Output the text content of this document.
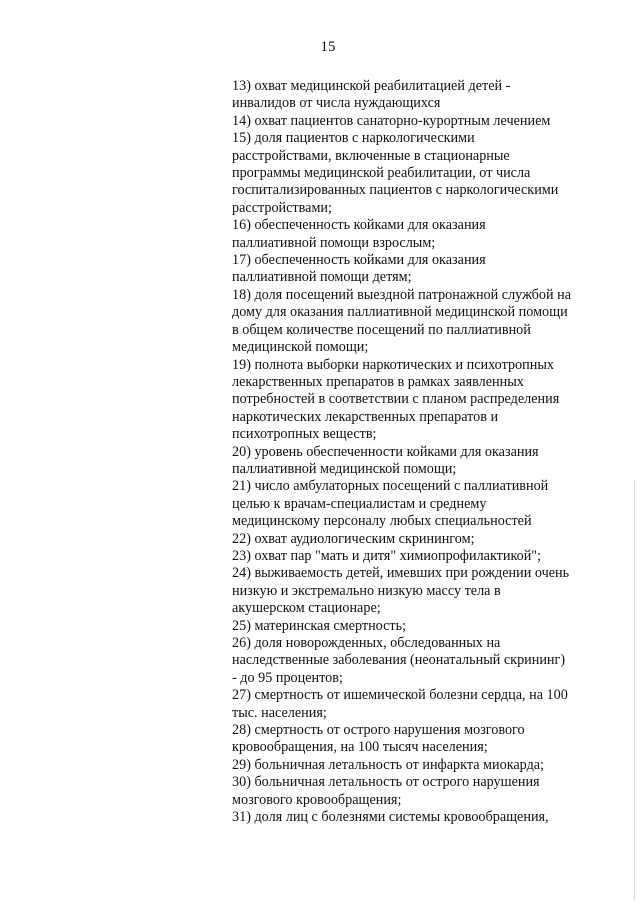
15
13) охват медицинской реабилитацией детей -
инвалидов от числа нуждающихся
14) охват пациентов санаторно-курортным лечением
15) доля пациентов с наркологическими
расстройствами, включенные в стационарные
программы медицинской реабилитации, от числа
госпитализированных пациентов с наркологическими
расстройствами;
16) обеспеченность койками для оказания
паллиативной помощи взрослым;
17) обеспеченность койками для оказания
паллиативной помощи детям;
18) доля посещений выездной патронажной службой на
дому для оказания паллиативной медицинской помощи
в общем количестве посещений по паллиативной
медицинской помощи;
19) полнота выборки наркотических и психотропных
лекарственных препаратов в рамках заявленных
потребностей в соответствии с планом распределения
наркотических лекарственных препаратов и
психотропных веществ;
20) уровень обеспеченности койками для оказания
паллиативной медицинской помощи;
21) число амбулаторных посещений с паллиативной
целью к врачам-специалистам и среднему
медицинскому персоналу любых специальностей
22) охват аудиологическим скринингом;
23) охват пар "мать и дитя" химиопрофилактикой";
24) выживаемость детей, имевших при рождении очень
низкую и экстремально низкую массу тела в
акушерском стационаре;
25) материнская смертность;
26) доля новорожденных, обследованных на
наследственные заболевания (неонатальный скрининг)
- до 95 процентов;
27) смертность от ишемической болезни сердца, на 100
тыс. населения;
28) смертность от острого нарушения мозгового
кровообращения, на 100 тысяч населения;
29) больничная летальность от инфаркта миокарда;
30) больничная летальность от острого нарушения
мозгового кровообращения;
31) доля лиц с болезнями системы кровообращения,
